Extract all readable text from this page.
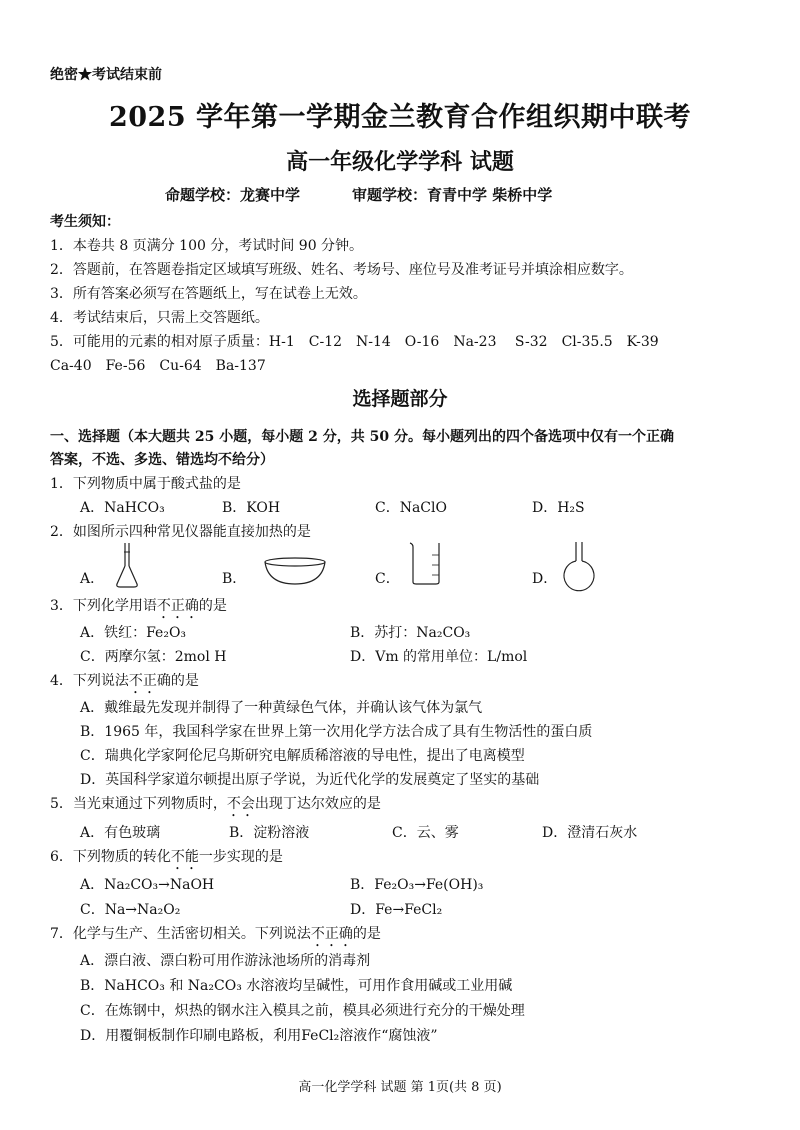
绝密★考试结束前
2025 学年第一学期金兰教育合作组织期中联考
高一年级化学学科 试题
命题学校：龙赛中学	审题学校：育青中学 柴桥中学
考生须知：
1．本卷共 8 页满分 100 分，考试时间 90 分钟。
2．答题前，在答题卷指定区域填写班级、姓名、考场号、座位号及准考证号并填涂相应数字。
3．所有答案必须写在答题纸上，写在试卷上无效。
4．考试结束后，只需上交答题纸。
5．可能用的元素的相对原子质量：H-1　C-12　N-14　O-16　Na-23　 S-32　Cl-35.5　K-39
Ca-40　Fe-56　Cu-64　Ba-137
选择题部分
一、选择题（本大题共 25 小题，每小题 2 分，共 50 分。每小题列出的四个备选项中仅有一个正确
答案，不选、多选、错选均不给分）
1．下列物质中属于酸式盐的是
A．NaHCO₃	B．KOH	C．NaClO	D．H₂S
2．如图所示四种常见仪器能直接加热的是
A．	B．	C．	D．
3．下列化学用语不正确的是
A．铁红：Fe₂O₃	B．苏打：Na₂CO₃
C．两摩尔氢：2mol H	D．Vm 的常用单位：L/mol
4．下列说法不正确的是
A．戴维最先发现并制得了一种黄绿色气体，并确认该气体为氯气
B．1965 年，我国科学家在世界上第一次用化学方法合成了具有生物活性的蛋白质
C．瑞典化学家阿伦尼乌斯研究电解质稀溶液的导电性，提出了电离模型
D．英国科学家道尔顿提出原子学说，为近代化学的发展奠定了坚实的基础
5．当光束通过下列物质时，不会出现丁达尔效应的是
A．有色玻璃	B．淀粉溶液	C．云、雾	D．澄清石灰水
6．下列物质的转化不能一步实现的是
A．Na₂CO₃→NaOH	B．Fe₂O₃→Fe(OH)₃
C．Na→Na₂O₂	D．Fe→FeCl₂
7．化学与生产、生活密切相关。下列说法不正确的是
A．漂白液、漂白粉可用作游泳池场所的消毒剂
B．NaHCO₃ 和 Na₂CO₃ 水溶液均呈碱性，可用作食用碱或工业用碱
C．在炼钢中，炽热的钢水注入模具之前，模具必须进行充分的干燥处理
D．用覆铜板制作印刷电路板，利用FeCl₂溶液作“腐蚀液”
高一化学学科 试题 第 1页(共 8 页)
